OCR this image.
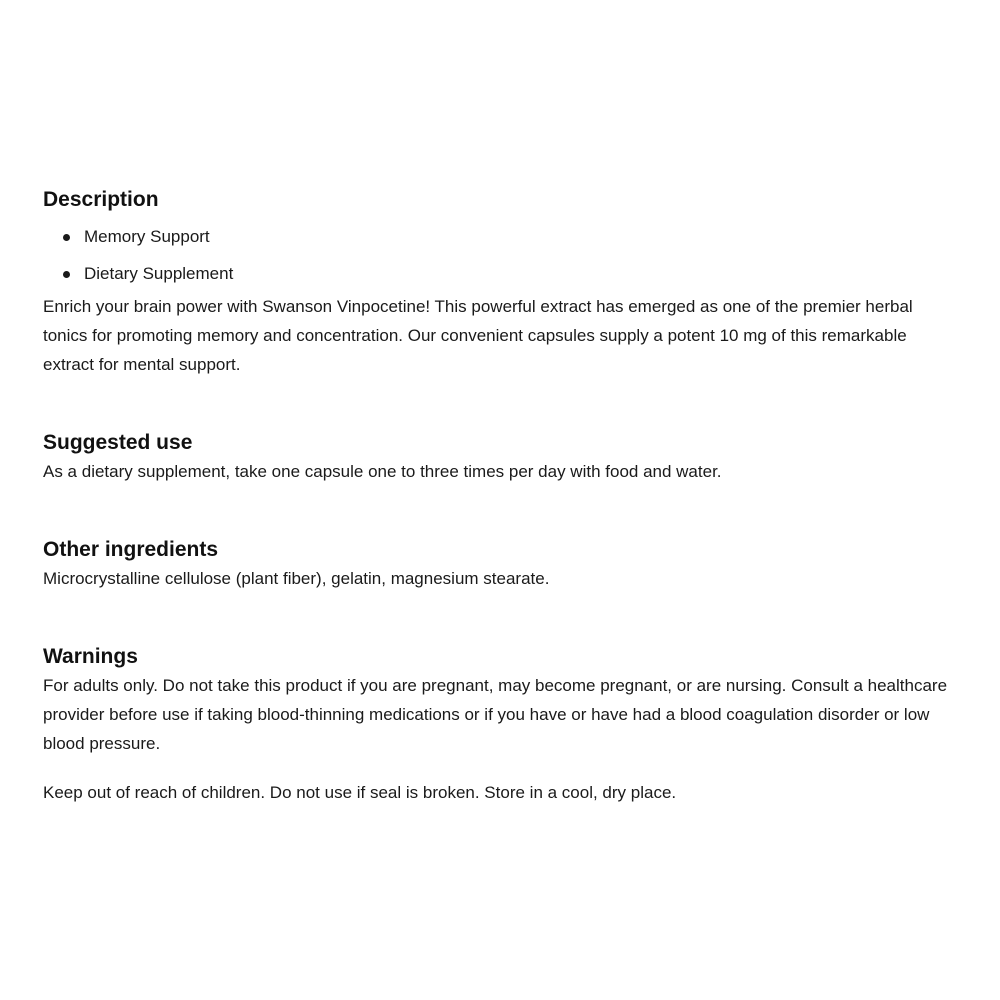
Description
Memory Support
Dietary Supplement

Enrich your brain power with Swanson Vinpocetine! This powerful extract has emerged as one of the premier herbal tonics for promoting memory and concentration. Our convenient capsules supply a potent 10 mg of this remarkable extract for mental support.

Suggested use

As a dietary supplement, take one capsule one to three times per day with food and water.

Other ingredients

Microcrystalline cellulose (plant fiber), gelatin, magnesium stearate.

Warnings

For adults only. Do not take this product if you are pregnant, may become pregnant, or are nursing. Consult a healthcare provider before use if taking blood-thinning medications or if you have or have had a blood coagulation disorder or low blood pressure.

Keep out of reach of children. Do not use if seal is broken. Store in a cool, dry place.
